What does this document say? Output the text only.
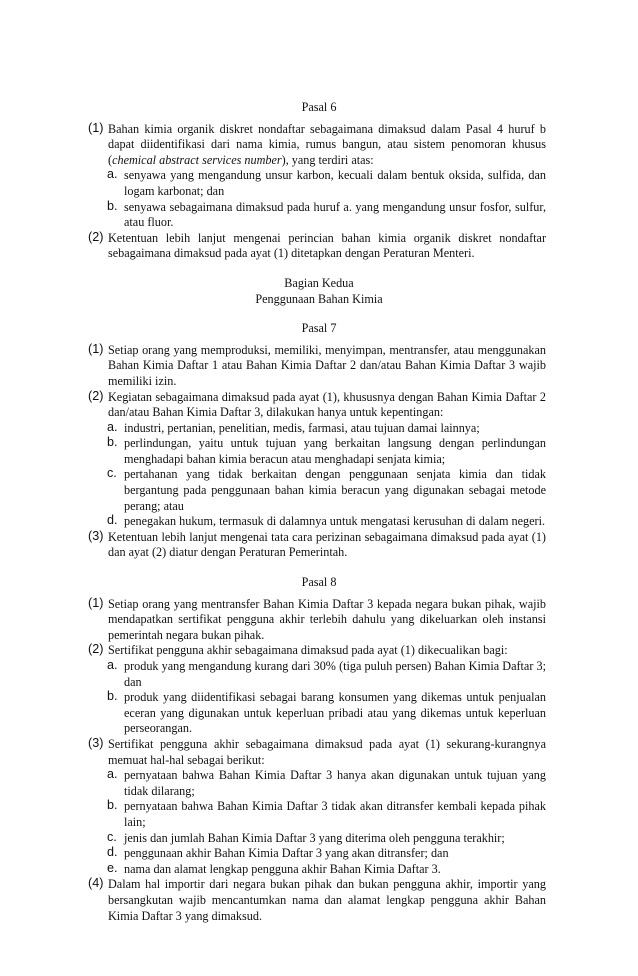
Pasal 6
(1) Bahan kimia organik diskret nondaftar sebagaimana dimaksud dalam Pasal 4 huruf b dapat diidentifikasi dari nama kimia, rumus bangun, atau sistem penomoran khusus (chemical abstract services number), yang terdiri atas:
a. senyawa yang mengandung unsur karbon, kecuali dalam bentuk oksida, sulfida, dan logam karbonat; dan
b. senyawa sebagaimana dimaksud pada huruf a. yang mengandung unsur fosfor, sulfur, atau fluor.
(2) Ketentuan lebih lanjut mengenai perincian bahan kimia organik diskret nondaftar sebagaimana dimaksud pada ayat (1) ditetapkan dengan Peraturan Menteri.
Bagian Kedua
Penggunaan Bahan Kimia
Pasal 7
(1) Setiap orang yang memproduksi, memiliki, menyimpan, mentransfer, atau menggunakan Bahan Kimia Daftar 1 atau Bahan Kimia Daftar 2 dan/atau Bahan Kimia Daftar 3 wajib memiliki izin.
(2) Kegiatan sebagaimana dimaksud pada ayat (1), khususnya dengan Bahan Kimia Daftar 2 dan/atau Bahan Kimia Daftar 3, dilakukan hanya untuk kepentingan:
a. industri, pertanian, penelitian, medis, farmasi, atau tujuan damai lainnya;
b. perlindungan, yaitu untuk tujuan yang berkaitan langsung dengan perlindungan menghadapi bahan kimia beracun atau menghadapi senjata kimia;
c. pertahanan yang tidak berkaitan dengan penggunaan senjata kimia dan tidak bergantung pada penggunaan bahan kimia beracun yang digunakan sebagai metode perang; atau
d. penegakan hukum, termasuk di dalamnya untuk mengatasi kerusuhan di dalam negeri.
(3) Ketentuan lebih lanjut mengenai tata cara perizinan sebagaimana dimaksud pada ayat (1) dan ayat (2) diatur dengan Peraturan Pemerintah.
Pasal 8
(1) Setiap orang yang mentransfer Bahan Kimia Daftar 3 kepada negara bukan pihak, wajib mendapatkan sertifikat pengguna akhir terlebih dahulu yang dikeluarkan oleh instansi pemerintah negara bukan pihak.
(2) Sertifikat pengguna akhir sebagaimana dimaksud pada ayat (1) dikecualikan bagi:
a. produk yang mengandung kurang dari 30% (tiga puluh persen) Bahan Kimia Daftar 3; dan
b. produk yang diidentifikasi sebagai barang konsumen yang dikemas untuk penjualan eceran yang digunakan untuk keperluan pribadi atau yang dikemas untuk keperluan perseorangan.
(3) Sertifikat pengguna akhir sebagaimana dimaksud pada ayat (1) sekurang-kurangnya memuat hal-hal sebagai berikut:
a. pernyataan bahwa Bahan Kimia Daftar 3 hanya akan digunakan untuk tujuan yang tidak dilarang;
b. pernyataan bahwa Bahan Kimia Daftar 3 tidak akan ditransfer kembali kepada pihak lain;
c. jenis dan jumlah Bahan Kimia Daftar 3 yang diterima oleh pengguna terakhir;
d. penggunaan akhir Bahan Kimia Daftar 3 yang akan ditransfer; dan
e. nama dan alamat lengkap pengguna akhir Bahan Kimia Daftar 3.
(4) Dalam hal importir dari negara bukan pihak dan bukan pengguna akhir, importir yang bersangkutan wajib mencantumkan nama dan alamat lengkap pengguna akhir Bahan Kimia Daftar 3 yang dimaksud.
